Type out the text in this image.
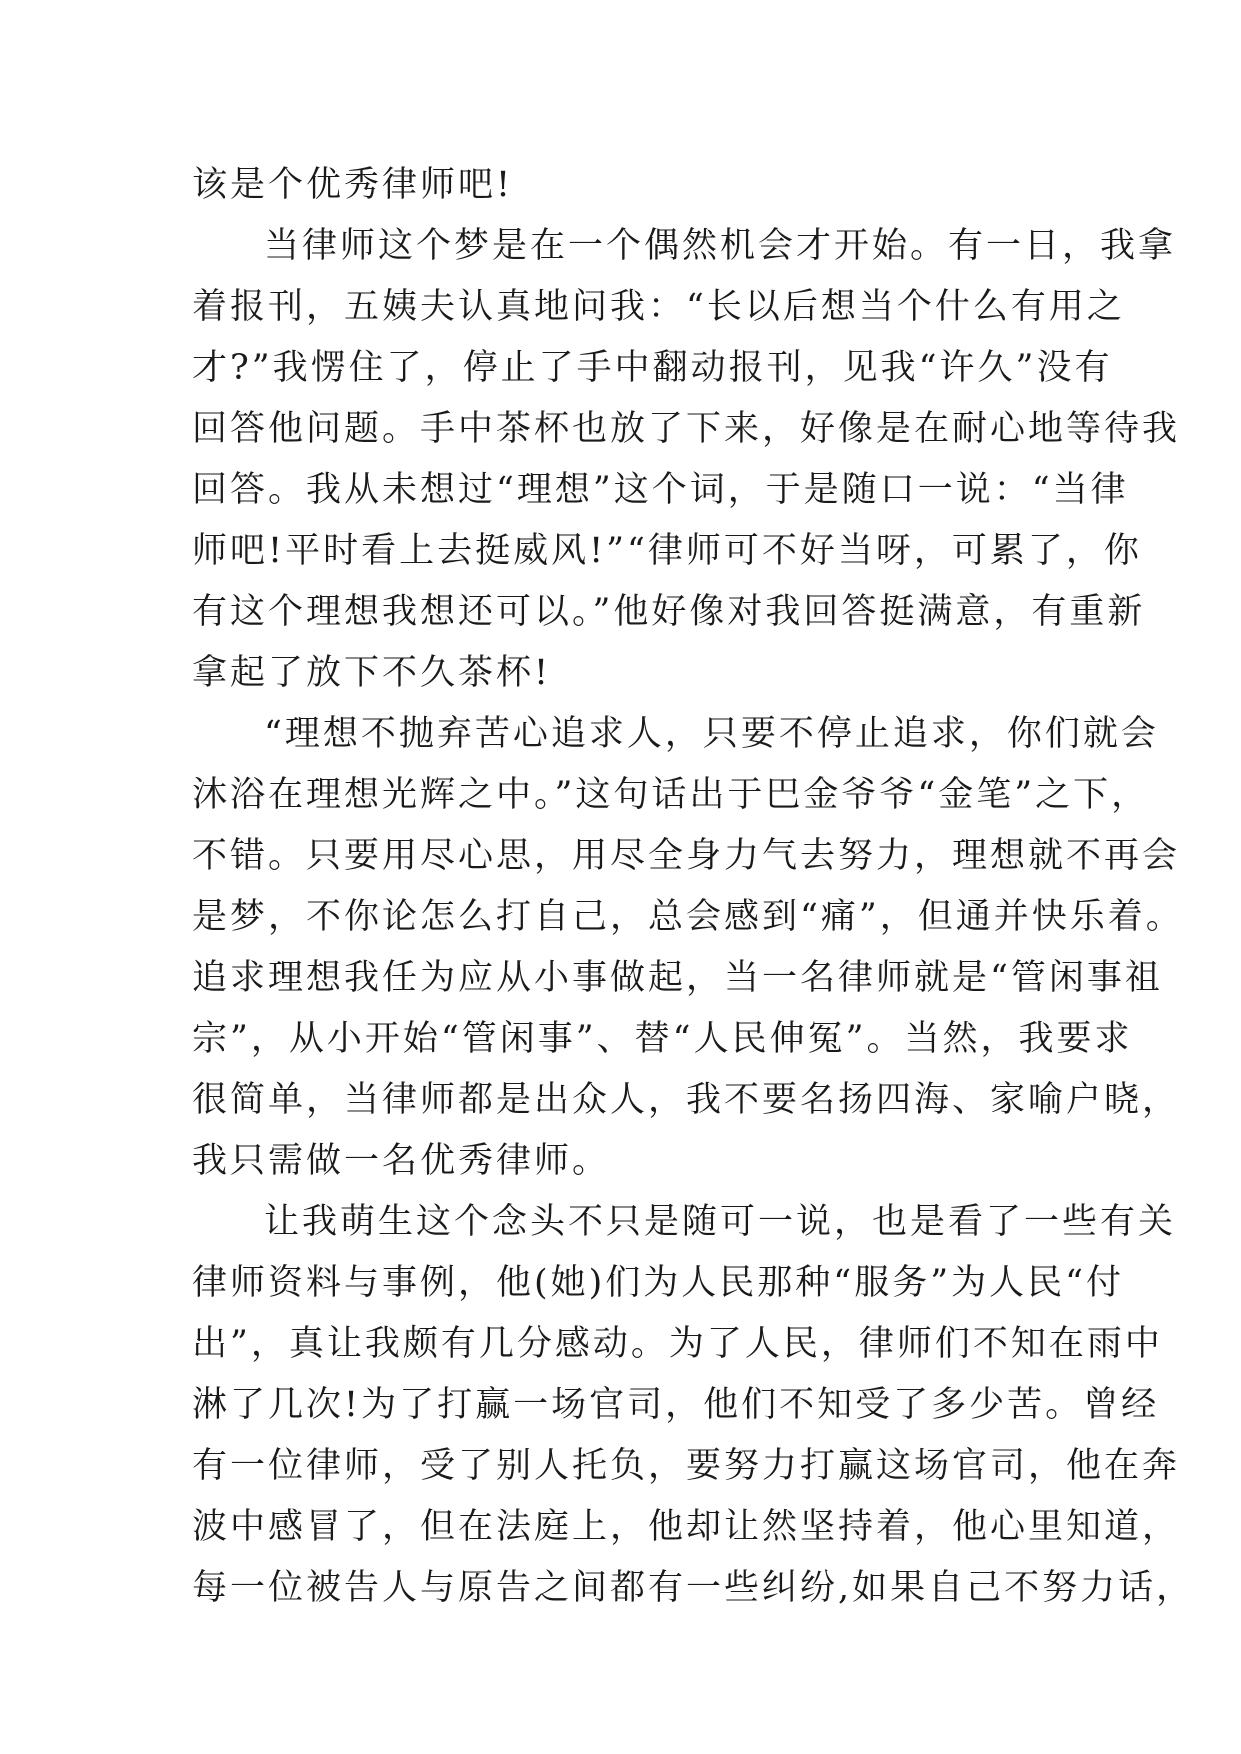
该是个优秀律师吧!
当律师这个梦是在一个偶然机会才开始。有一日，我拿
着报刊，五姨夫认真地问我：“长以后想当个什么有用之
才?”我愣住了，停止了手中翻动报刊，见我“许久”没有
回答他问题。手中茶杯也放了下来，好像是在耐心地等待我
回答。我从未想过“理想”这个词，于是随口一说：“当律
师吧!平时看上去挺威风!”“律师可不好当呀，可累了，你
有这个理想我想还可以。”他好像对我回答挺满意，有重新
拿起了放下不久茶杯!
“理想不抛弃苦心追求人，只要不停止追求，你们就会
沐浴在理想光辉之中。”这句话出于巴金爷爷“金笔”之下，
不错。只要用尽心思，用尽全身力气去努力，理想就不再会
是梦，不你论怎么打自己，总会感到“痛”，但通并快乐着。
追求理想我任为应从小事做起，当一名律师就是“管闲事祖
宗”，从小开始“管闲事”、替“人民伸冤”。当然，我要求
很简单，当律师都是出众人，我不要名扬四海、家喻户晓，
我只需做一名优秀律师。
让我萌生这个念头不只是随可一说，也是看了一些有关
律师资料与事例，他(她)们为人民那种“服务”为人民“付
出”，真让我颇有几分感动。为了人民，律师们不知在雨中
淋了几次!为了打赢一场官司，他们不知受了多少苦。曾经
有一位律师，受了别人托负，要努力打赢这场官司，他在奔
波中感冒了，但在法庭上，他却让然坚持着，他心里知道，
每一位被告人与原告之间都有一些纠纷,如果自己不努力话，
